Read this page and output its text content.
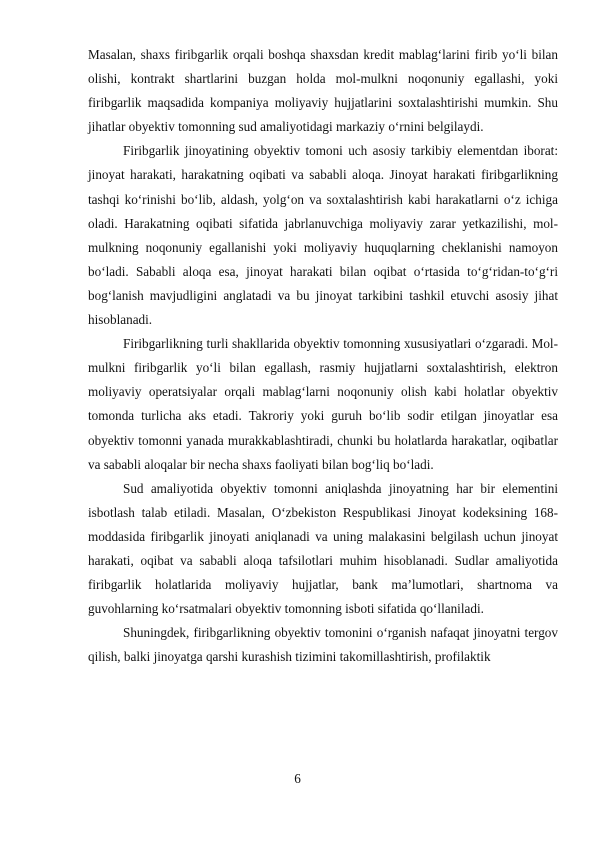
Masalan, shaxs firibgarlik orqali boshqa shaxsdan kredit mablag‘larini firib yo‘li bilan olishi, kontrakt shartlarini buzgan holda mol-mulkni noqonuniy egallashi, yoki firibgarlik maqsadida kompaniya moliyaviy hujjatlarini soxtalashtirishi mumkin. Shu jihatlar obyektiv tomonning sud amaliyotidagi markaziy o‘rnini belgilaydi.

Firibgarlik jinoyatining obyektiv tomoni uch asosiy tarkibiy elementdan iborat: jinoyat harakati, harakatning oqibati va sababli aloqa. Jinoyat harakati firibgarlikning tashqi ko‘rinishi bo‘lib, aldash, yolg‘on va soxtalashtirish kabi harakatlarni o‘z ichiga oladi. Harakatning oqibati sifatida jabrlanuvchiga moliyaviy zarar yetkazilishi, mol-mulkning noqonuniy egallanishi yoki moliyaviy huquqlarning cheklanishi namoyon bo‘ladi. Sababli aloqa esa, jinoyat harakati bilan oqibat o‘rtasida to‘g‘ridan-to‘g‘ri bog‘lanish mavjudligini anglatadi va bu jinoyat tarkibini tashkil etuvchi asosiy jihat hisoblanadi.

Firibgarlikning turli shakllarida obyektiv tomonning xususiyatlari o‘zgaradi. Mol-mulkni firibgarlik yo‘li bilan egallash, rasmiy hujjatlarni soxtalashtirish, elektron moliyaviy operatsiyalar orqali mablag‘larni noqonuniy olish kabi holatlar obyektiv tomonda turlicha aks etadi. Takroriy yoki guruh bo‘lib sodir etilgan jinoyatlar esa obyektiv tomonni yanada murakkablashtiradi, chunki bu holatlarda harakatlar, oqibatlar va sababli aloqalar bir necha shaxs faoliyati bilan bog‘liq bo‘ladi.

Sud amaliyotida obyektiv tomonni aniqlashda jinoyatning har bir elementini isbotlash talab etiladi. Masalan, O‘zbekiston Respublikasi Jinoyat kodeksining 168-moddasida firibgarlik jinoyati aniqlanadi va uning malakasini belgilash uchun jinoyat harakati, oqibat va sababli aloqa tafsilotlari muhim hisoblanadi. Sudlar amaliyotida firibgarlik holatlarida moliyaviy hujjatlar, bank ma’lumotlari, shartnoma va guvohlarning ko‘rsatmalari obyektiv tomonning isboti sifatida qo‘llaniladi.

Shuningdek, firibgarlikning obyektiv tomonini o‘rganish nafaqat jinoyatni tergov qilish, balki jinoyatga qarshi kurashish tizimini takomillashtirish, profilaktik

6
